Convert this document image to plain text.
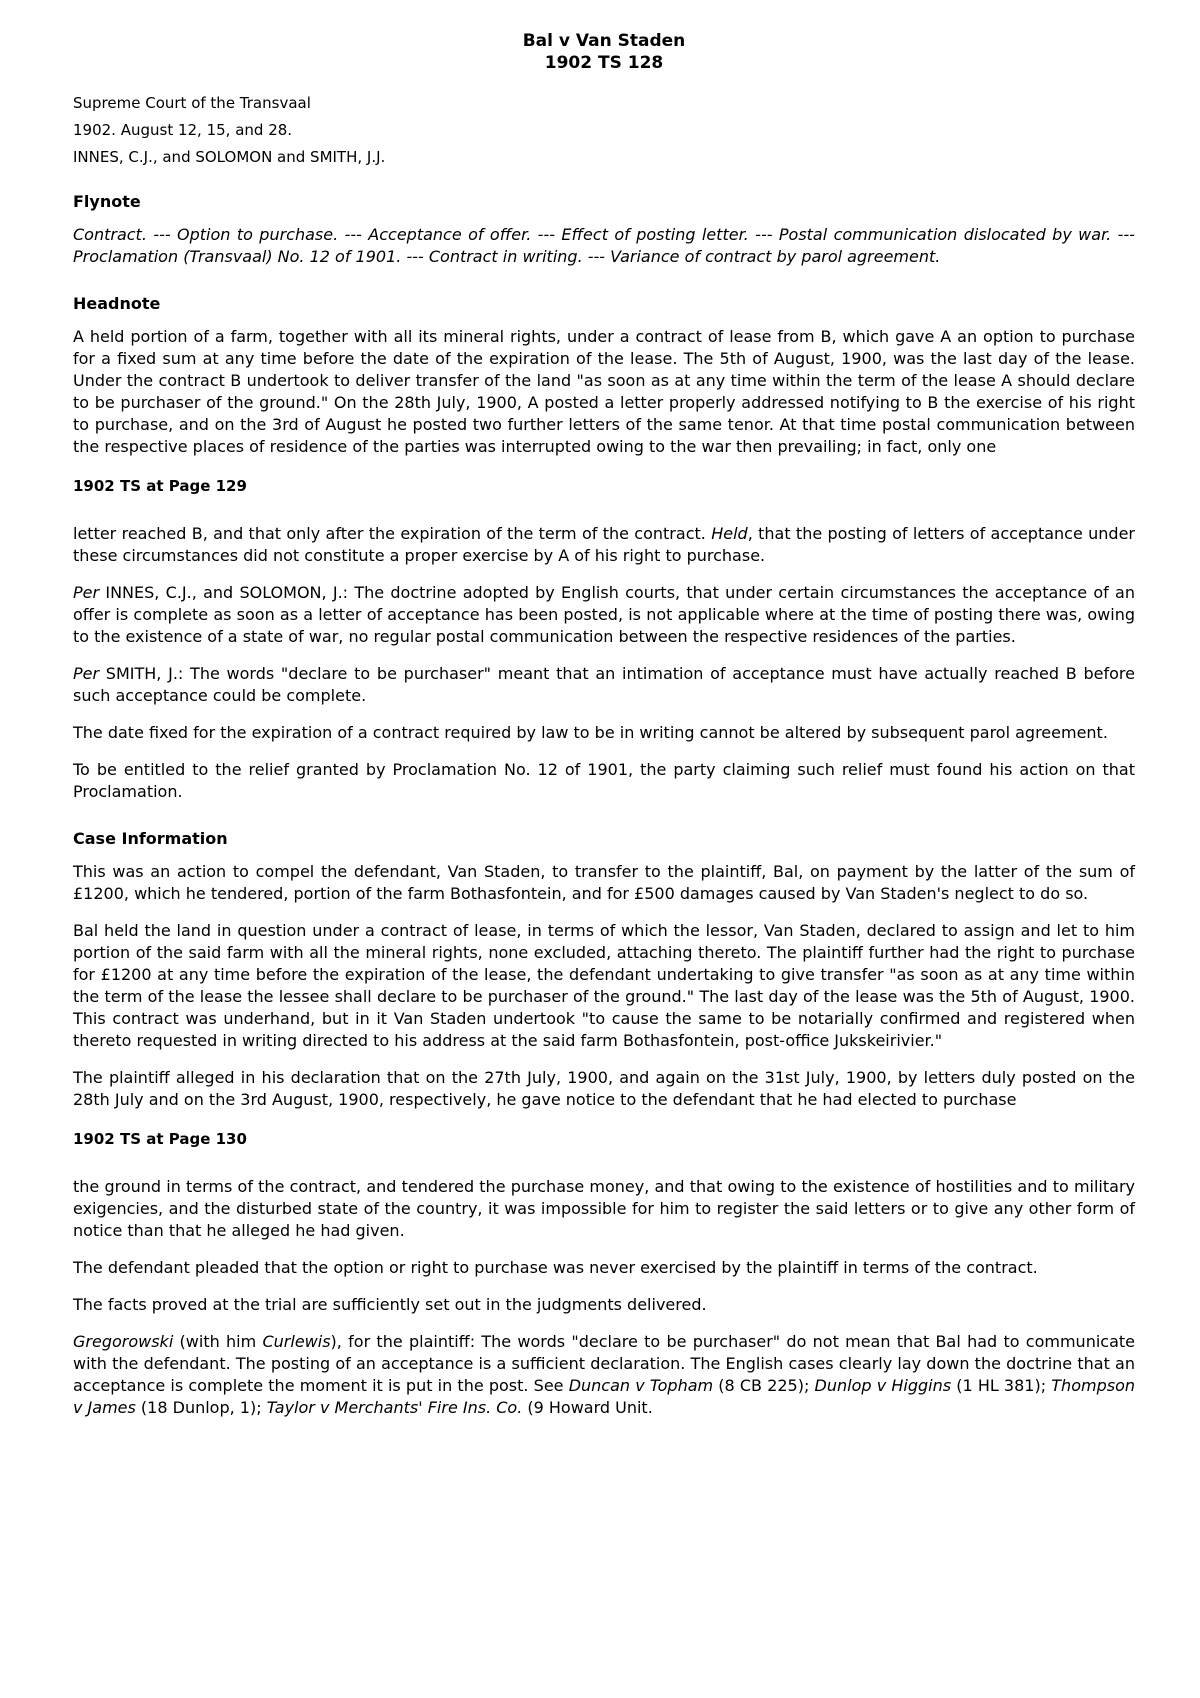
Bal v Van Staden
1902 TS 128
Supreme Court of the Transvaal
1902. August 12, 15, and 28.
INNES, C.J., and SOLOMON and SMITH, J.J.
Flynote

Contract. --- Option to purchase. --- Acceptance of offer. --- Effect of posting letter. --- Postal communication dislocated by war. --- Proclamation (Transvaal) No. 12 of 1901. --- Contract in writing. --- Variance of contract by parol agreement.

Headnote

A held portion of a farm, together with all its mineral rights, under a contract of lease from B, which gave A an option to purchase for a fixed sum at any time before the date of the expiration of the lease. The 5th of August, 1900, was the last day of the lease. Under the contract B undertook to deliver transfer of the land "as soon as at any time within the term of the lease A should declare to be purchaser of the ground." On the 28th July, 1900, A posted a letter properly addressed notifying to B the exercise of his right to purchase, and on the 3rd of August he posted two further letters of the same tenor. At that time postal communication between the respective places of residence of the parties was interrupted owing to the war then prevailing; in fact, only one

1902 TS at Page 129

letter reached B, and that only after the expiration of the term of the contract. Held, that the posting of letters of acceptance under these circumstances did not constitute a proper exercise by A of his right to purchase.

Per INNES, C.J., and SOLOMON, J.: The doctrine adopted by English courts, that under certain circumstances the acceptance of an offer is complete as soon as a letter of acceptance has been posted, is not applicable where at the time of posting there was, owing to the existence of a state of war, no regular postal communication between the respective residences of the parties.

Per SMITH, J.: The words "declare to be purchaser" meant that an intimation of acceptance must have actually reached B before such acceptance could be complete.

The date fixed for the expiration of a contract required by law to be in writing cannot be altered by subsequent parol agreement.

To be entitled to the relief granted by Proclamation No. 12 of 1901, the party claiming such relief must found his action on that Proclamation.

Case Information

This was an action to compel the defendant, Van Staden, to transfer to the plaintiff, Bal, on payment by the latter of the sum of £1200, which he tendered, portion of the farm Bothasfontein, and for £500 damages caused by Van Staden's neglect to do so.

Bal held the land in question under a contract of lease, in terms of which the lessor, Van Staden, declared to assign and let to him portion of the said farm with all the mineral rights, none excluded, attaching thereto. The plaintiff further had the right to purchase for £1200 at any time before the expiration of the lease, the defendant undertaking to give transfer "as soon as at any time within the term of the lease the lessee shall declare to be purchaser of the ground." The last day of the lease was the 5th of August, 1900. This contract was underhand, but in it Van Staden undertook "to cause the same to be notarially confirmed and registered when thereto requested in writing directed to his address at the said farm Bothasfontein, post-office Jukskeirivier."

The plaintiff alleged in his declaration that on the 27th July, 1900, and again on the 31st July, 1900, by letters duly posted on the 28th July and on the 3rd August, 1900, respectively, he gave notice to the defendant that he had elected to purchase

1902 TS at Page 130

the ground in terms of the contract, and tendered the purchase money, and that owing to the existence of hostilities and to military exigencies, and the disturbed state of the country, it was impossible for him to register the said letters or to give any other form of notice than that he alleged he had given.

The defendant pleaded that the option or right to purchase was never exercised by the plaintiff in terms of the contract.

The facts proved at the trial are sufficiently set out in the judgments delivered.

Gregorowski (with him Curlewis), for the plaintiff: The words "declare to be purchaser" do not mean that Bal had to communicate with the defendant. The posting of an acceptance is a sufficient declaration. The English cases clearly lay down the doctrine that an acceptance is complete the moment it is put in the post. See Duncan v Topham (8 CB 225); Dunlop v Higgins (1 HL 381); Thompson v James (18 Dunlop, 1); Taylor v Merchants' Fire Ins. Co. (9 Howard Unit.
